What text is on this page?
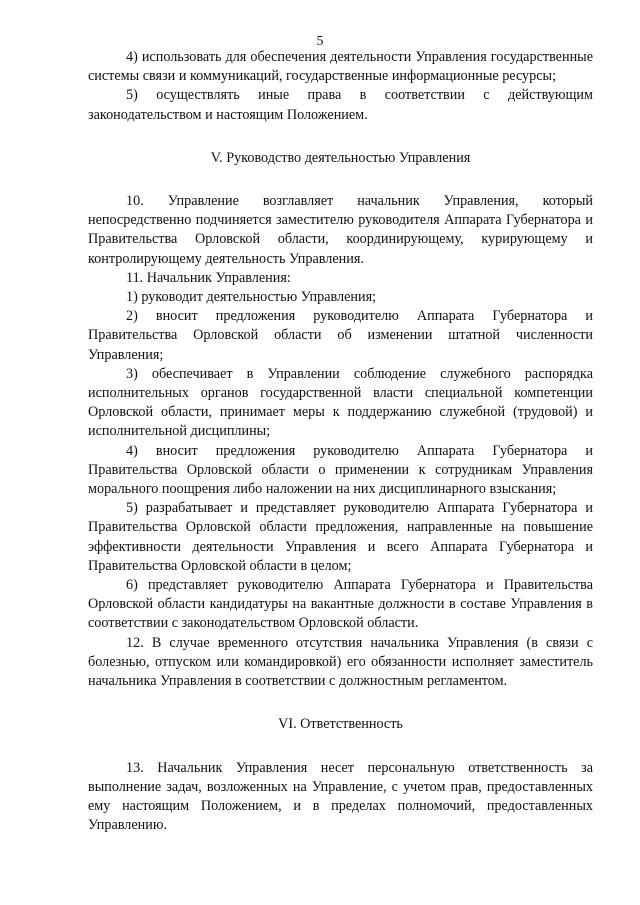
5

4) использовать для обеспечения деятельности Управления государственные системы связи и коммуникаций, государственные информационные ресурсы;

5) осуществлять иные права в соответствии с действующим законодательством и настоящим Положением.

V. Руководство деятельностью Управления

10. Управление возглавляет начальник Управления, который непосредственно подчиняется заместителю руководителя Аппарата Губернатора и Правительства Орловской области, координирующему, курирующему и контролирующему деятельность Управления.

11. Начальник Управления:

1) руководит деятельностью Управления;

2) вносит предложения руководителю Аппарата Губернатора и Правительства Орловской области об изменении штатной численности Управления;

3) обеспечивает в Управлении соблюдение служебного распорядка исполнительных органов государственной власти специальной компетенции Орловской области, принимает меры к поддержанию служебной (трудовой) и исполнительной дисциплины;

4) вносит предложения руководителю Аппарата Губернатора и Правительства Орловской области о применении к сотрудникам Управления морального поощрения либо наложении на них дисциплинарного взыскания;

5) разрабатывает и представляет руководителю Аппарата Губернатора и Правительства Орловской области предложения, направленные на повышение эффективности деятельности Управления и всего Аппарата Губернатора и Правительства Орловской области в целом;

6) представляет руководителю Аппарата Губернатора и Правительства Орловской области кандидатуры на вакантные должности в составе Управления в соответствии с законодательством Орловской области.

12. В случае временного отсутствия начальника Управления (в связи с болезнью, отпуском или командировкой) его обязанности исполняет заместитель начальника Управления в соответствии с должностным регламентом.

VI. Ответственность

13. Начальник Управления несет персональную ответственность за выполнение задач, возложенных на Управление, с учетом прав, предоставленных ему настоящим Положением, и в пределах полномочий, предоставленных Управлению.
